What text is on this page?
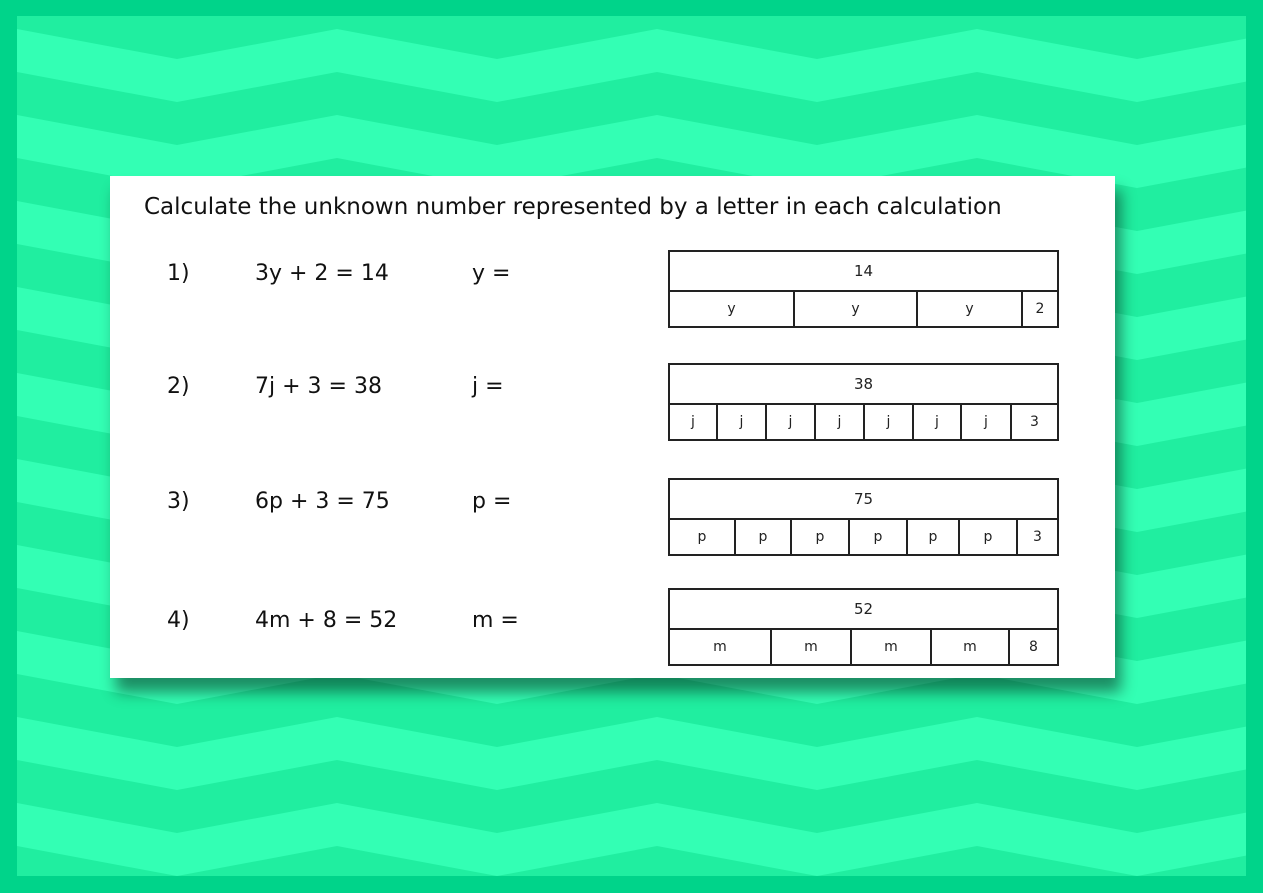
Calculate the unknown number represented by a letter in each calculation
1)	3y + 2 = 14	y =	14
y	y	y	2
2)	7j + 3 = 38	j =	38
j	j	j	j	j	j	j	3
3)	6p + 3 = 75	p =	75
p	p	p	p	p	p	3
4)	4m + 8 = 52	m =	52
m	m	m	m	8
